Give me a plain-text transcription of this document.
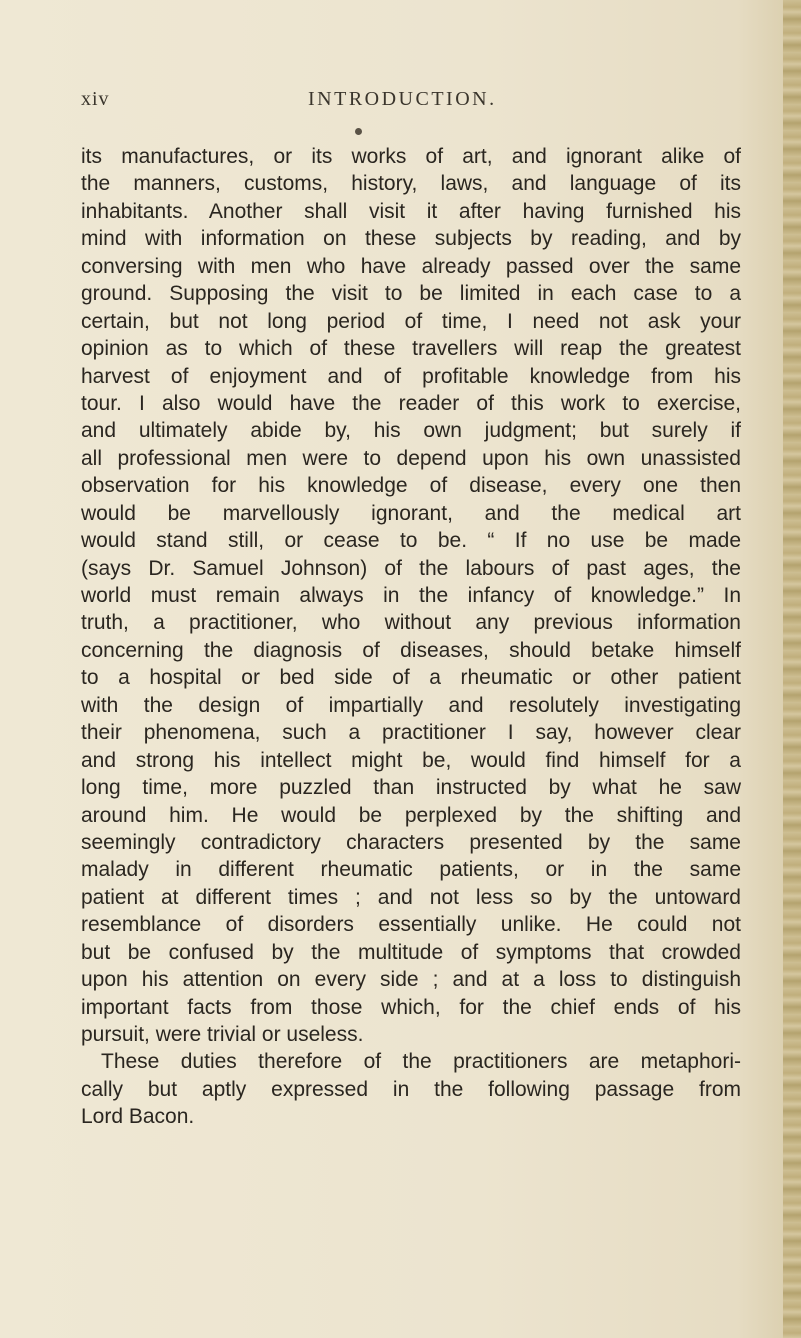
xiv	INTRODUCTION.
its manufactures, or its works of art, and ignorant alike of
the manners, customs, history, laws, and language of its
inhabitants. Another shall visit it after having furnished his
mind with information on these subjects by reading, and by
conversing with men who have already passed over the same
ground. Supposing the visit to be limited in each case to a
certain, but not long period of time, I need not ask your
opinion as to which of these travellers will reap the greatest
harvest of enjoyment and of profitable knowledge from his
tour. I also would have the reader of this work to exercise,
and ultimately abide by, his own judgment; but surely if
all professional men were to depend upon his own unassisted
observation for his knowledge of disease, every one then
would be marvellously ignorant, and the medical art
would stand still, or cease to be. “ If no use be made
(says Dr. Samuel Johnson) of the labours of past ages, the
world must remain always in the infancy of knowledge.” In
truth, a practitioner, who without any previous information
concerning the diagnosis of diseases, should betake himself
to a hospital or bed side of a rheumatic or other patient
with the design of impartially and resolutely investigating
their phenomena, such a practitioner I say, however clear
and strong his intellect might be, would find himself for a
long time, more puzzled than instructed by what he saw
around him. He would be perplexed by the shifting and
seemingly contradictory characters presented by the same
malady in different rheumatic patients, or in the same
patient at different times ; and not less so by the untoward
resemblance of disorders essentially unlike. He could not
but be confused by the multitude of symptoms that crowded
upon his attention on every side ; and at a loss to distinguish
important facts from those which, for the chief ends of his
pursuit, were trivial or useless.
These duties therefore of the practitioners are metaphori-
cally but aptly expressed in the following passage from
Lord Bacon.
